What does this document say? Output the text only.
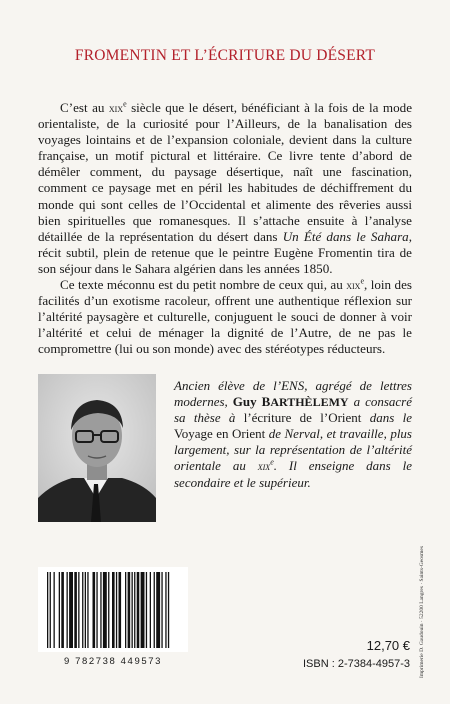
FROMENTIN ET L’ÉCRITURE DU DÉSERT

C’est au xix$^e$ siècle que le désert, bénéficiant à la fois de la mode orientaliste, de la curiosité pour l’Ailleurs, de la banalisation des voyages lointains et de l’expansion coloniale, devient dans la culture française, un motif pictural et littéraire. Ce livre tente d’abord de démêler comment, du paysage désertique, naît une fascination, comment ce paysage met en péril les habitudes de déchiffrement du monde qui sont celles de l’Occidental et alimente des rêveries aussi bien spirituelles que romanesques. Il s’attache ensuite à l’analyse détaillée de la représentation du désert dans Un Été dans le Sahara, récit subtil, plein de retenue que le peintre Eugène Fromentin tira de son séjour dans le Sahara algérien dans les années 1850.

Ce texte méconnu est du petit nombre de ceux qui, au xix$^e$, loin des facilités d’un exotisme racoleur, offrent une authentique réflexion sur l’altérité paysagère et culturelle, conjuguent le souci de donner à voir l’altérité et celui de ménager la dignité de l’Autre, de ne pas le compromettre (lui ou son monde) avec des stéréotypes réducteurs.

Ancien élève de l’ENS, agrégé de lettres modernes, Guy BARTHÈLEMY a consacré sa thèse à l’écriture de l’Orient dans le Voyage en Orient de Nerval, et travaille, plus largement, sur la représentation de l’altérité orientale au xix$^e$. Il enseigne dans le secondaire et le supérieur.
9 782738 449573
12,70 €
ISBN : 2-7384-4957-3 Imprimerie D. Gaudouin · 52200 Langres · Saints-Geosmes
